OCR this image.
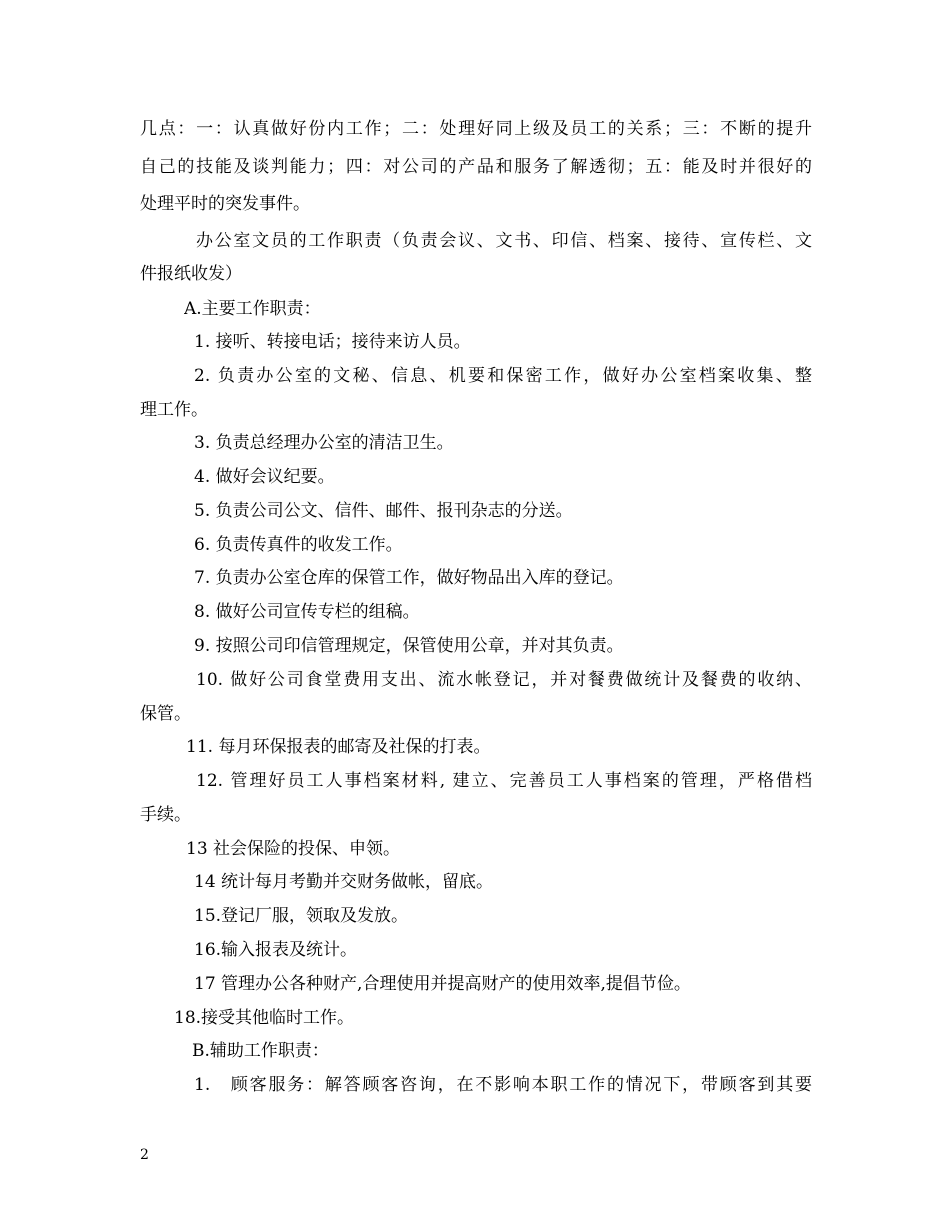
几点：一：认真做好份内工作；二：处理好同上级及员工的关系；三：不断的提升
自己的技能及谈判能力；四：对公司的产品和服务了解透彻；五：能及时并很好的
处理平时的突发事件。
办公室文员的工作职责（负责会议、文书、印信、档案、接待、宣传栏、文
件报纸收发）
A.主要工作职责：
1. 接听、转接电话；接待来访人员。
2. 负责办公室的文秘、信息、机要和保密工作，做好办公室档案收集、整
理工作。
3. 负责总经理办公室的清洁卫生。
4. 做好会议纪要。
5. 负责公司公文、信件、邮件、报刊杂志的分送。
6. 负责传真件的收发工作。
7. 负责办公室仓库的保管工作，做好物品出入库的登记。
8. 做好公司宣传专栏的组稿。
9. 按照公司印信管理规定，保管使用公章，并对其负责。
10. 做好公司食堂费用支出、流水帐登记，并对餐费做统计及餐费的收纳、
保管。
11. 每月环保报表的邮寄及社保的打表。
12. 管理好员工人事档案材料, 建立、完善员工人事档案的管理，严格借档
手续。
13 社会保险的投保、申领。
14 统计每月考勤并交财务做帐，留底。
15.登记厂服，领取及发放。
16.输入报表及统计。
17 管理办公各种财产,合理使用并提高财产的使用效率,提倡节俭。
18.接受其他临时工作。
B.辅助工作职责：
1.　顾客服务：解答顾客咨询，在不影响本职工作的情况下，带顾客到其要
2
